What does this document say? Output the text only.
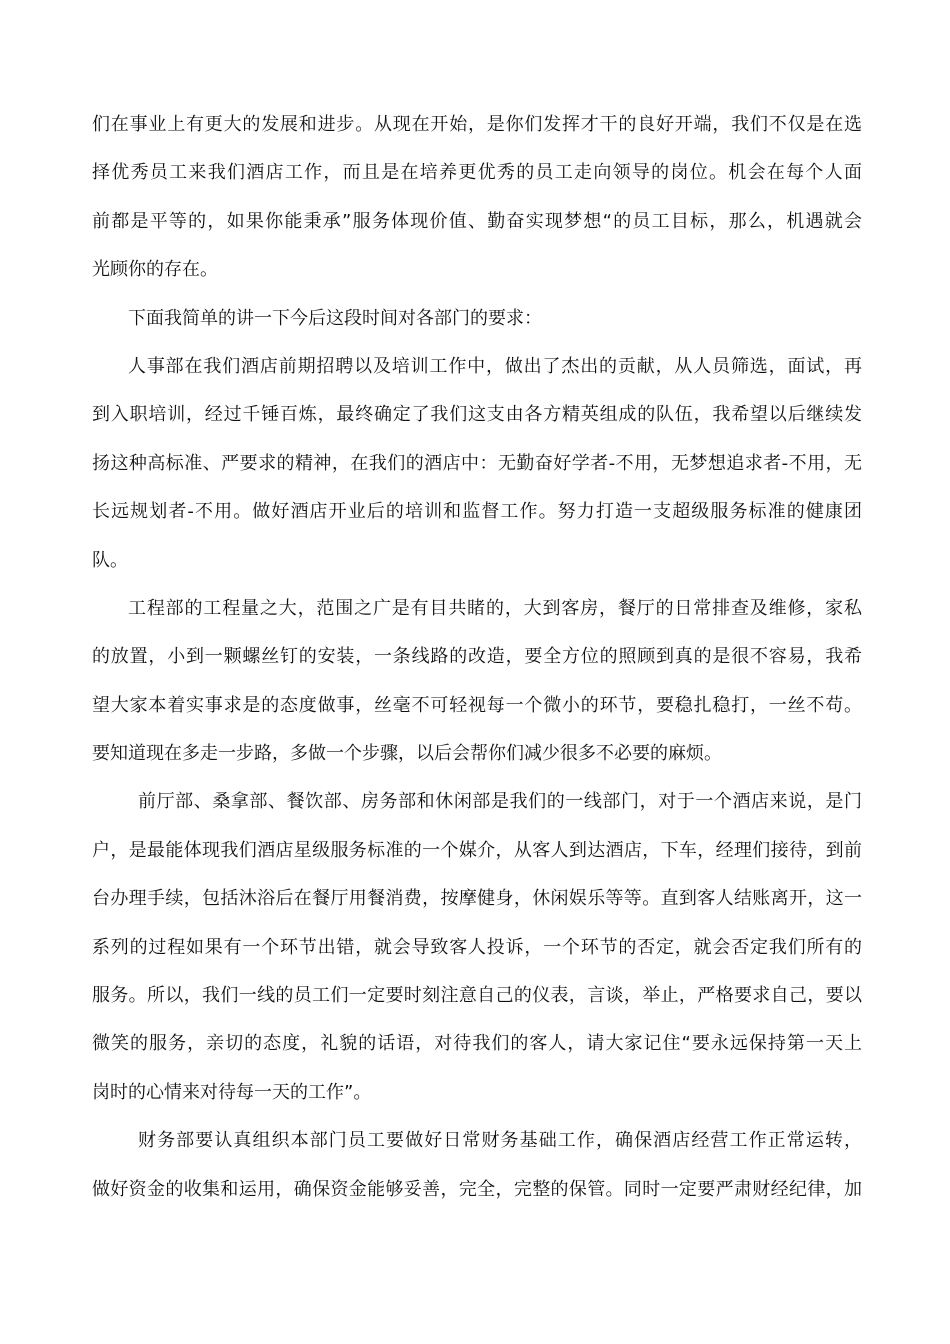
们在事业上有更大的发展和进步。从现在开始，是你们发挥才干的良好开端，我们不仅是在选
择优秀员工来我们酒店工作，而且是在培养更优秀的员工走向领导的岗位。机会在每个人面
前都是平等的，如果你能秉承”服务体现价值、勤奋实现梦想“的员工目标，那么，机遇就会
光顾你的存在。
下面我简单的讲一下今后这段时间对各部门的要求：
人事部在我们酒店前期招聘以及培训工作中，做出了杰出的贡献，从人员筛选，面试，再
到入职培训，经过千锤百炼，最终确定了我们这支由各方精英组成的队伍，我希望以后继续发
扬这种高标准、严要求的精神，在我们的酒店中：无勤奋好学者-不用，无梦想追求者-不用，无
长远规划者-不用。做好酒店开业后的培训和监督工作。努力打造一支超级服务标准的健康团
队。
工程部的工程量之大，范围之广是有目共睹的，大到客房，餐厅的日常排查及维修，家私
的放置，小到一颗螺丝钉的安装，一条线路的改造，要全方位的照顾到真的是很不容易，我希
望大家本着实事求是的态度做事，丝毫不可轻视每一个微小的环节，要稳扎稳打，一丝不苟。
要知道现在多走一步路，多做一个步骤，以后会帮你们减少很多不必要的麻烦。
前厅部、桑拿部、餐饮部、房务部和休闲部是我们的一线部门，对于一个酒店来说，是门
户，是最能体现我们酒店星级服务标准的一个媒介，从客人到达酒店，下车，经理们接待，到前
台办理手续，包括沐浴后在餐厅用餐消费，按摩健身，休闲娱乐等等。直到客人结账离开，这一
系列的过程如果有一个环节出错，就会导致客人投诉，一个环节的否定，就会否定我们所有的
服务。所以，我们一线的员工们一定要时刻注意自己的仪表，言谈，举止，严格要求自己，要以
微笑的服务，亲切的态度，礼貌的话语，对待我们的客人，请大家记住“要永远保持第一天上
岗时的心情来对待每一天的工作”。
财务部要认真组织本部门员工要做好日常财务基础工作，确保酒店经营工作正常运转，
做好资金的收集和运用，确保资金能够妥善，完全，完整的保管。同时一定要严肃财经纪律，加
